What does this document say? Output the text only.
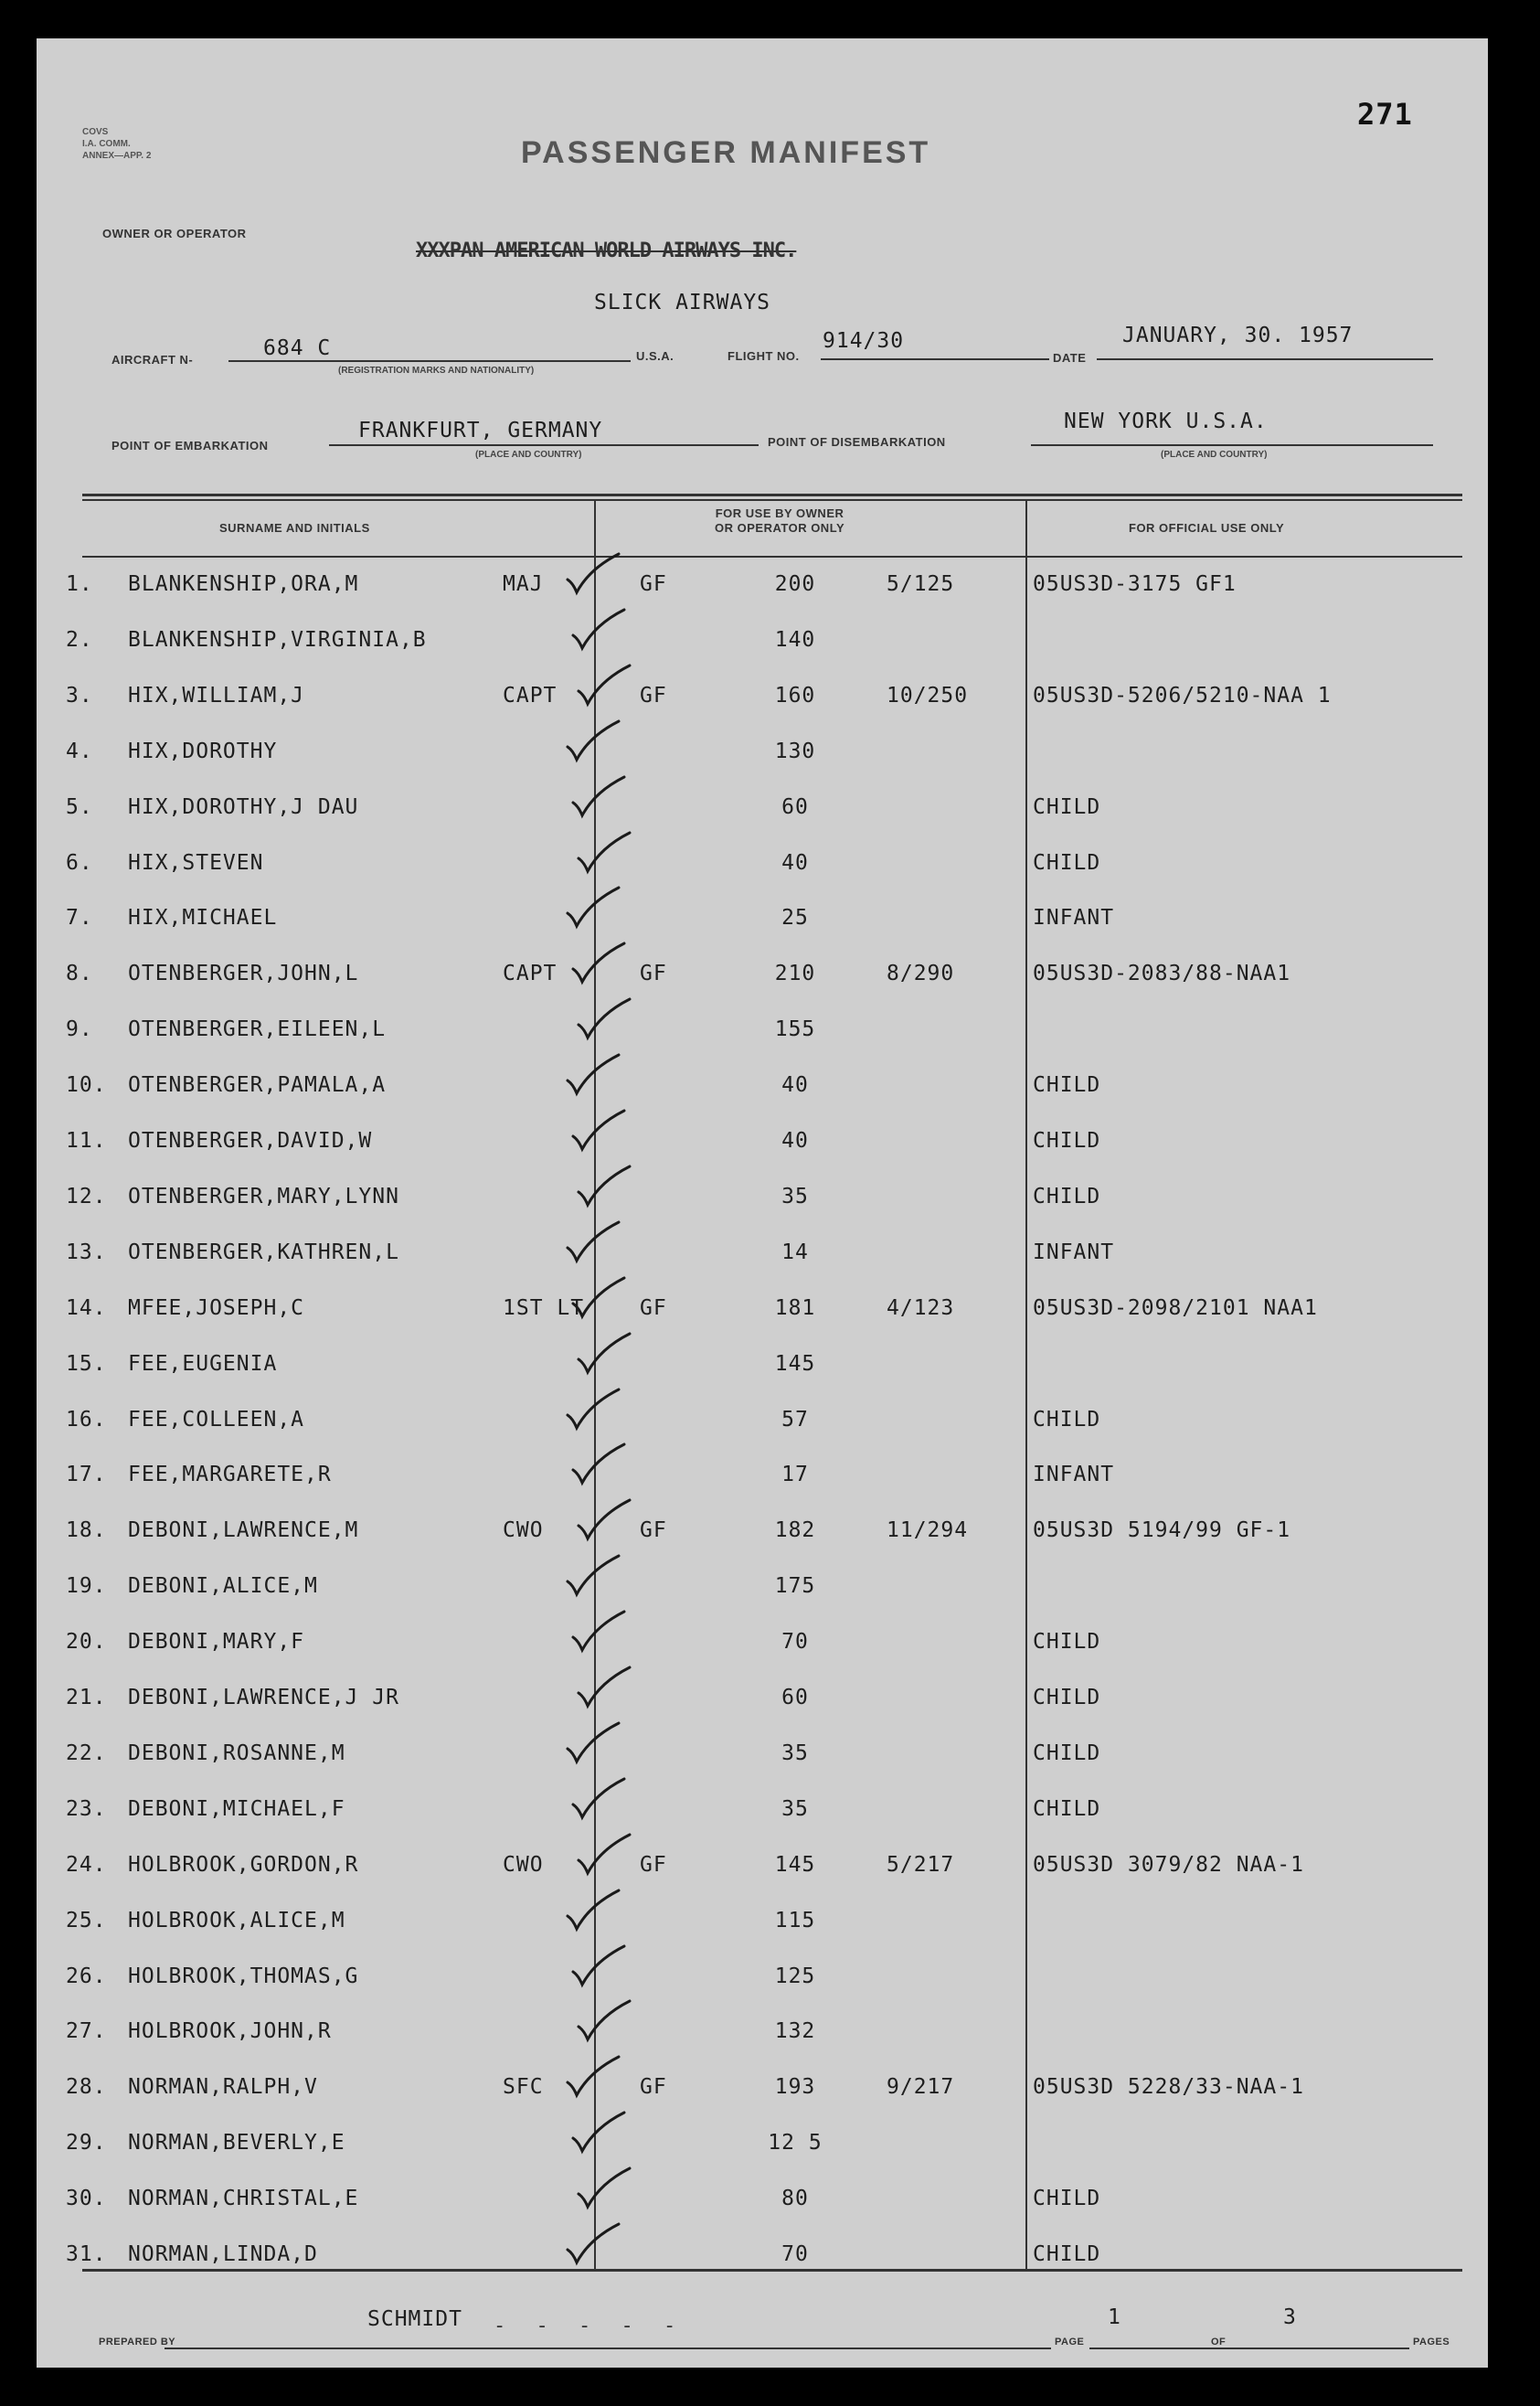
271
COVS
I.A. COMM.
ANNEX—APP. 2	PASSENGER MANIFEST
OWNER OR OPERATOR
XXXPAN AMERICAN WORLD AIRWAYS INC.
SLICK AIRWAYS
AIRCRAFT N-	684 C
(REGISTRATION MARKS AND NATIONALITY)
U.S.A.	FLIGHT NO.
914/30
DATE
JANUARY, 30. 1957
POINT OF EMBARKATION
FRANKFURT, GERMANY
(PLACE AND COUNTRY)
POINT OF DISEMBARKATION
NEW YORK U.S.A.
(PLACE AND COUNTRY)
SURNAME AND INITIALS
FOR USE BY OWNER
OR OPERATOR ONLY	FOR OFFICIAL USE ONLY
1. BLANKENSHIP,ORA,M	MAJ	GF	200	5/125	05US3D-3175 GF1
2. BLANKENSHIP,VIRGINIA,B	140
3. HIX,WILLIAM,J	CAPT	GF	160	10/250	05US3D-5206/5210-NAA 1
4. HIX,DOROTHY	130
5. HIX,DOROTHY,J DAU	60	CHILD
6. HIX,STEVEN	40	CHILD
7. HIX,MICHAEL	25	INFANT
8. OTENBERGER,JOHN,L	CAPT	GF	210	8/290	05US3D-2083/88-NAA1
9. OTENBERGER,EILEEN,L	155
10. OTENBERGER,PAMALA,A	40	CHILD
11. OTENBERGER,DAVID,W	40	CHILD
12. OTENBERGER,MARY,LYNN	35	CHILD
13. OTENBERGER,KATHREN,L	14	INFANT
14. MFEE,JOSEPH,C	1ST LT	GF	181	4/123	05US3D-2098/2101 NAA1
15. FEE,EUGENIA	145
16. FEE,COLLEEN,A	57	CHILD
17. FEE,MARGARETE,R	17	INFANT
18. DEBONI,LAWRENCE,M	CWO	GF	182	11/294	05US3D 5194/99 GF-1
19. DEBONI,ALICE,M	175
20. DEBONI,MARY,F	70	CHILD
21. DEBONI,LAWRENCE,J JR	60	CHILD
22. DEBONI,ROSANNE,M	35	CHILD
23. DEBONI,MICHAEL,F	35	CHILD
24. HOLBROOK,GORDON,R	CWO	GF	145	5/217	05US3D 3079/82 NAA-1
25. HOLBROOK,ALICE,M	115
26. HOLBROOK,THOMAS,G	125
27. HOLBROOK,JOHN,R	132
28. NORMAN,RALPH,V	SFC	GF	193	9/217	05US3D 5228/33-NAA-1
29. NORMAN,BEVERLY,E	12 5
30. NORMAN,CHRISTAL,E	80	CHILD
31. NORMAN,LINDA,D	70	CHILD
PREPARED BY
SCHMIDT - - - - -
PAGE
1
OF
3
PAGES
